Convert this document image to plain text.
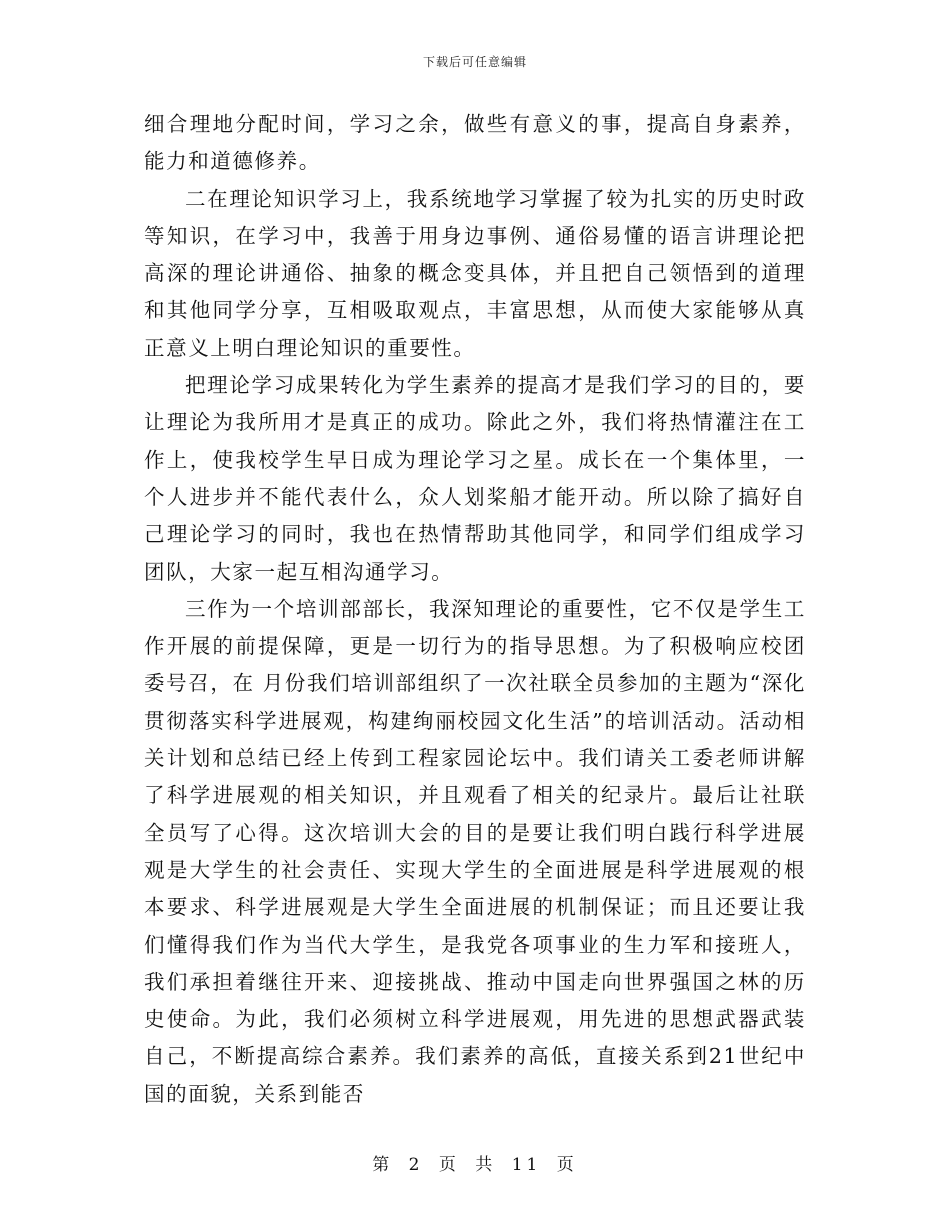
下载后可任意编辑

细合理地分配时间，学习之余，做些有意义的事，提高自身素养，能力和道德修养。

二在理论知识学习上，我系统地学习掌握了较为扎实的历史时政等知识，在学习中，我善于用身边事例、通俗易懂的语言讲理论把高深的理论讲通俗、抽象的概念变具体，并且把自己领悟到的道理和其他同学分享，互相吸取观点，丰富思想，从而使大家能够从真正意义上明白理论知识的重要性。

把理论学习成果转化为学生素养的提高才是我们学习的目的，要让理论为我所用才是真正的成功。除此之外，我们将热情灌注在工作上，使我校学生早日成为理论学习之星。成长在一个集体里，一个人进步并不能代表什么，众人划桨船才能开动。所以除了搞好自己理论学习的同时，我也在热情帮助其他同学，和同学们组成学习团队，大家一起互相沟通学习。

三作为一个培训部部长，我深知理论的重要性，它不仅是学生工作开展的前提保障，更是一切行为的指导思想。为了积极响应校团委号召，在 月份我们培训部组织了一次社联全员参加的主题为“深化贯彻落实科学进展观，构建绚丽校园文化生活”的培训活动。活动相关计划和总结已经上传到工程家园论坛中。我们请关工委老师讲解了科学进展观的相关知识，并且观看了相关的纪录片。最后让社联全员写了心得。这次培训大会的目的是要让我们明白践行科学进展观是大学生的社会责任、实现大学生的全面进展是科学进展观的根本要求、科学进展观是大学生全面进展的机制保证；而且还要让我们懂得我们作为当代大学生，是我党各项事业的生力军和接班人，我们承担着继往开来、迎接挑战、推动中国走向世界强国之林的历史使命。为此，我们必须树立科学进展观，用先进的思想武器武装自己，不断提高综合素养。我们素养的高低，直接关系到21世纪中国的面貌，关系到能否

第 2 页 共 11 页
